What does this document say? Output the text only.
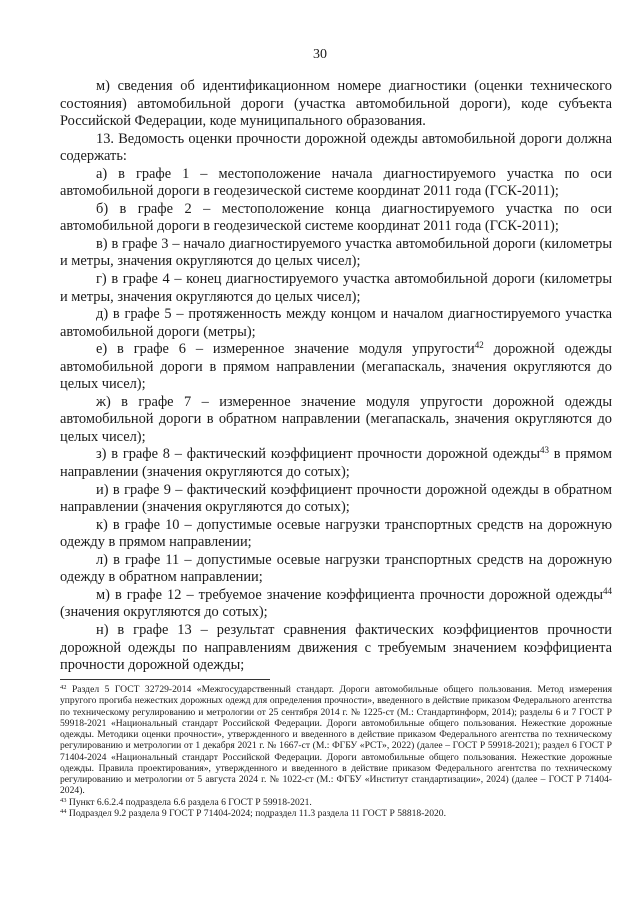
30

м) сведения об идентификационном номере диагностики (оценки технического состояния) автомобильной дороги (участка автомобильной дороги), коде субъекта Российской Федерации, коде муниципального образования.

13. Ведомость оценки прочности дорожной одежды автомобильной дороги должна содержать:

а) в графе 1 – местоположение начала диагностируемого участка по оси автомобильной дороги в геодезической системе координат 2011 года (ГСК-2011);

б) в графе 2 – местоположение конца диагностируемого участка по оси автомобильной дороги в геодезической системе координат 2011 года (ГСК-2011);

в) в графе 3 – начало диагностируемого участка автомобильной дороги (километры и метры, значения округляются до целых чисел);

г) в графе 4 – конец диагностируемого участка автомобильной дороги (километры и метры, значения округляются до целых чисел);

д) в графе 5 – протяженность между концом и началом диагностируемого участка автомобильной дороги (метры);

е) в графе 6 – измеренное значение модуля упругости$^{42}$ дорожной одежды автомобильной дороги в прямом направлении (мегапаскаль, значения округляются до целых чисел);

ж) в графе 7 – измеренное значение модуля упругости дорожной одежды автомобильной дороги в обратном направлении (мегапаскаль, значения округляются до целых чисел);

з) в графе 8 – фактический коэффициент прочности дорожной одежды$^{43}$ в прямом направлении (значения округляются до сотых);

и) в графе 9 – фактический коэффициент прочности дорожной одежды в обратном направлении (значения округляются до сотых);

к) в графе 10 – допустимые осевые нагрузки транспортных средств на дорожную одежду в прямом направлении;

л) в графе 11 – допустимые осевые нагрузки транспортных средств на дорожную одежду в обратном направлении;

м) в графе 12 – требуемое значение коэффициента прочности дорожной одежды$^{44}$ (значения округляются до сотых);

н) в графе 13 – результат сравнения фактических коэффициентов прочности дорожной одежды по направлениям движения с требуемым значением коэффициента прочности дорожной одежды;

$^{42}$ Раздел 5 ГОСТ 32729-2014 «Межгосударственный стандарт. Дороги автомобильные общего пользования. Метод измерения упругого прогиба нежестких дорожных одежд для определения прочности», введенного в действие приказом Федерального агентства по техническому регулированию и метрологии от 25 сентября 2014 г. № 1225-ст (М.: Стандартинформ, 2014); разделы 6 и 7 ГОСТ Р 59918-2021 «Национальный стандарт Российской Федерации. Дороги автомобильные общего пользования. Нежесткие дорожные одежды. Методики оценки прочности», утвержденного и введенного в действие приказом Федерального агентства по техническому регулированию и метрологии от 1 декабря 2021 г. № 1667-ст (М.: ФГБУ «РСТ», 2022) (далее – ГОСТ Р 59918-2021); раздел 6 ГОСТ Р 71404-2024 «Национальный стандарт Российской Федерации. Дороги автомобильные общего пользования. Нежесткие дорожные одежды. Правила проектирования», утвержденного и введенного в действие приказом Федерального агентства по техническому регулированию и метрологии от 5 августа 2024 г. № 1022-ст (М.: ФГБУ «Институт стандартизации», 2024) (далее – ГОСТ Р 71404-2024).

$^{43}$ Пункт 6.6.2.4 подраздела 6.6 раздела 6 ГОСТ Р 59918-2021.

$^{44}$ Подраздел 9.2 раздела 9 ГОСТ Р 71404-2024; подраздел 11.3 раздела 11 ГОСТ Р 58818-2020.
